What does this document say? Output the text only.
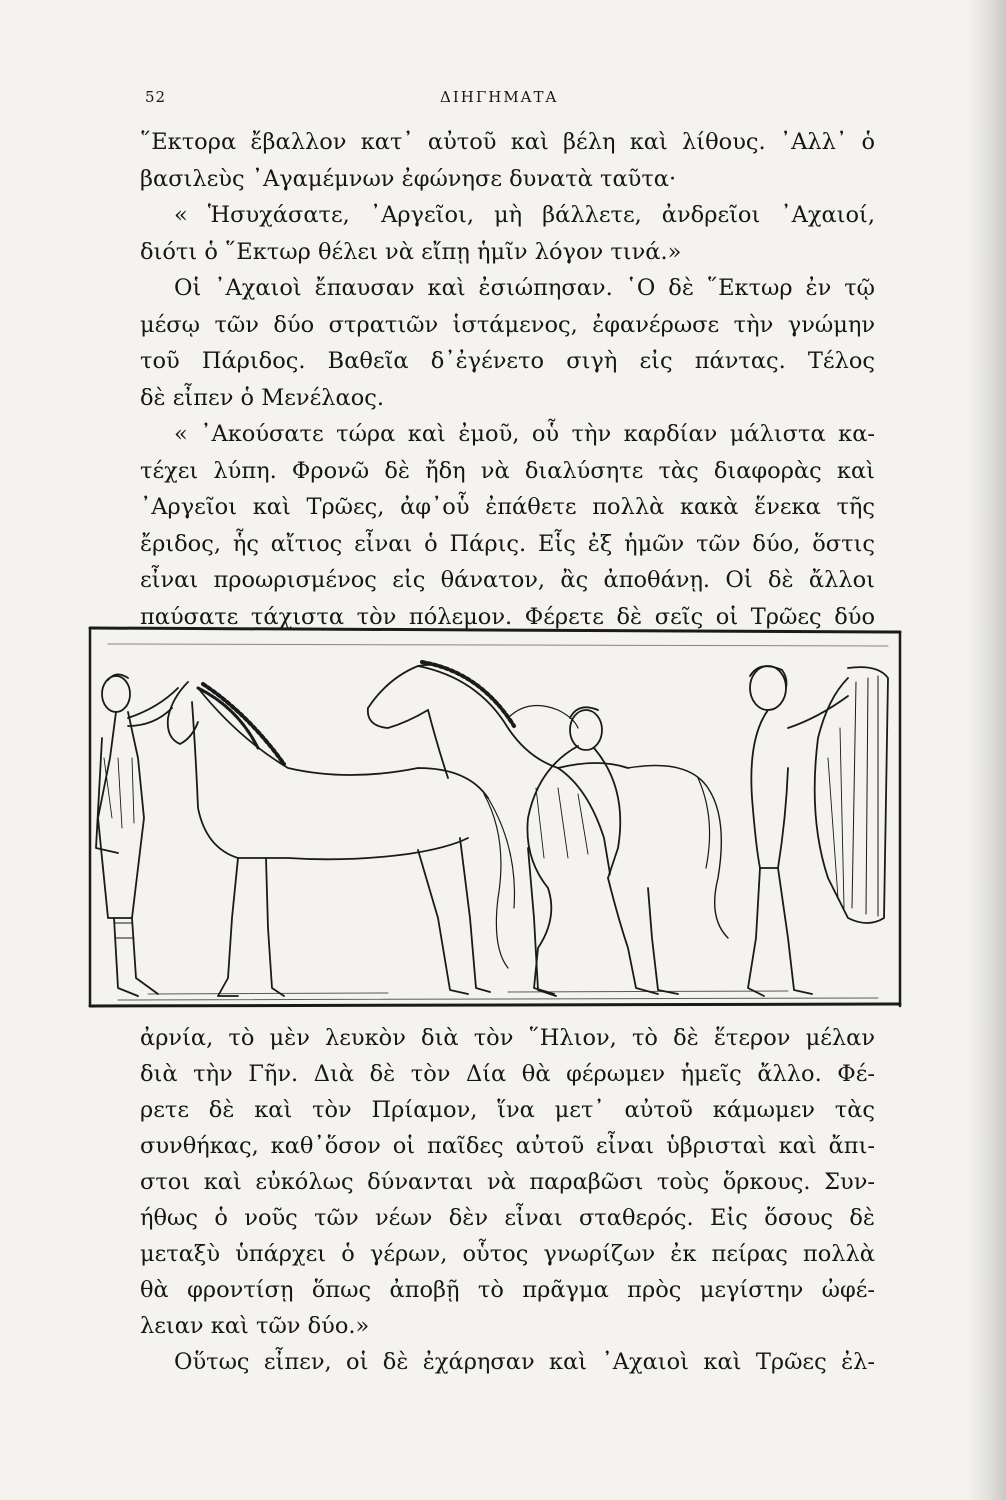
52	ΔΙΗΓΗΜΑΤΑ
῞Εκτορα ἔβαλλον κατ᾽ αὐτοῦ καὶ βέλη καὶ λίθους. ᾿Αλλ᾽ ὁ
βασιλεὺς ᾿Αγαμέμνων ἐφώνησε δυνατὰ ταῦτα·
« Ἡσυχάσατε, ᾿Αργεῖοι, μὴ βάλλετε, ἀνδρεῖοι ᾿Αχαιοί,
διότι ὁ ῞Εκτωρ θέλει νὰ εἴπῃ ἡμῖν λόγον τινά.»
Οἱ ᾿Αχαιοὶ ἔπαυσαν καὶ ἐσιώπησαν. ῾Ο δὲ ῞Εκτωρ ἐν τῷ
μέσῳ τῶν δύο στρατιῶν ἱστάμενος, ἐφανέρωσε τὴν γνώμην
τοῦ Πάριδος. Βαθεῖα δ᾽ἐγένετο σιγὴ εἰς πάντας. Τέλος
δὲ εἶπεν ὁ Μενέλαος.
« ᾿Ακούσατε τώρα καὶ ἐμοῦ, οὗ τὴν καρδίαν μάλιστα κα-
τέχει λύπη. Φρονῶ δὲ ἤδη νὰ διαλύσητε τὰς διαφορὰς καὶ
᾿Αργεῖοι καὶ Τρῶες, ἀφ᾽οὗ ἐπάθετε πολλὰ κακὰ ἕνεκα τῆς
ἔριδος, ἧς αἴτιος εἶναι ὁ Πάρις. Εἷς ἐξ ἡμῶν τῶν δύο, ὅστις
εἶναι προωρισμένος εἰς θάνατον, ἂς ἀποθάνῃ. Οἱ δὲ ἄλλοι
παύσατε τάχιστα τὸν πόλεμον. Φέρετε δὲ σεῖς οἱ Τρῶες δύο
ἀρνία, τὸ μὲν λευκὸν διὰ τὸν ῞Ηλιον, τὸ δὲ ἕτερον μέλαν
διὰ τὴν Γῆν. Διὰ δὲ τὸν Δία θὰ φέρωμεν ἡμεῖς ἄλλο. Φέ-
ρετε δὲ καὶ τὸν Πρίαμον, ἵνα μετ᾽ αὐτοῦ κάμωμεν τὰς
συνθήκας, καθ᾽ὅσον οἱ παῖδες αὐτοῦ εἶναι ὑβρισταὶ καὶ ἄπι-
στοι καὶ εὐκόλως δύνανται νὰ παραβῶσι τοὺς ὅρκους. Συν-
ήθως ὁ νοῦς τῶν νέων δὲν εἶναι σταθερός. Εἰς ὅσους δὲ
μεταξὺ ὑπάρχει ὁ γέρων, οὗτος γνωρίζων ἐκ πείρας πολλὰ
θὰ φροντίσῃ ὅπως ἀποβῇ τὸ πρᾶγμα πρὸς μεγίστην ὠφέ-
λειαν καὶ τῶν δύο.»
Οὕτως εἶπεν, οἱ δὲ ἐχάρησαν καὶ ᾿Αχαιοὶ καὶ Τρῶες ἐλ-
